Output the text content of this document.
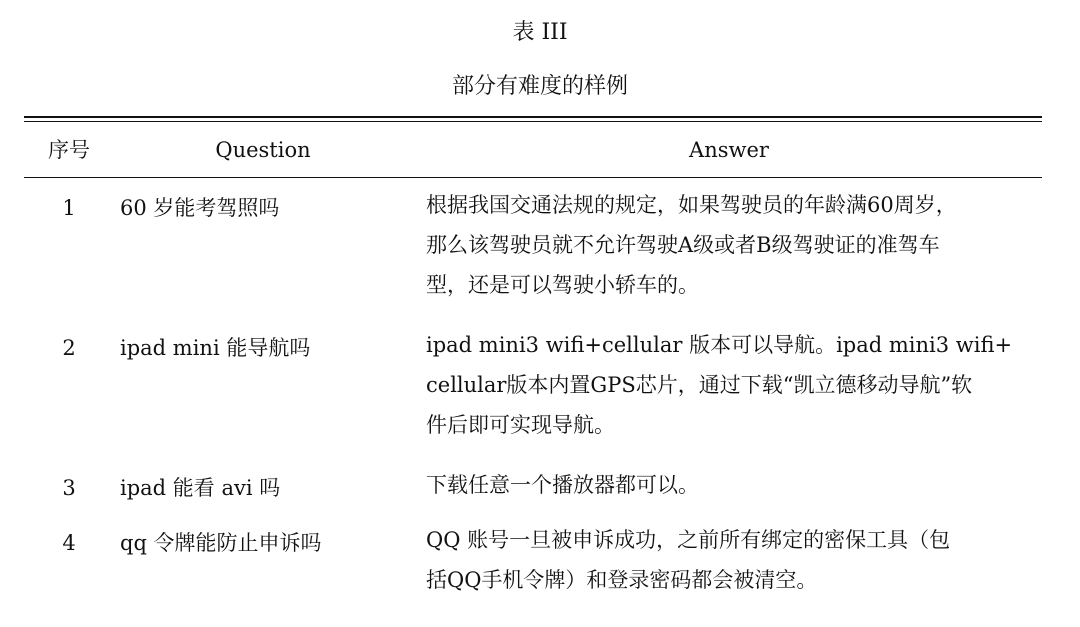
表 III
部分有难度的样例
序号	Question	Answer
1	60 岁能考驾照吗	根据我国交通法规的规定，如果驾驶员的年龄满60周岁，
那么该驾驶员就不允许驾驶A级或者B级驾驶证的准驾车
型，还是可以驾驶小轿车的。
2	ipad mini 能导航吗	ipad mini3 wifi+cellular 版本可以导航。ipad mini3 wifi+
cellular版本内置GPS芯片，通过下载“凯立德移动导航”软
件后即可实现导航。
3	ipad 能看 avi 吗	下载任意一个播放器都可以。
4	qq 令牌能防止申诉吗	QQ 账号一旦被申诉成功，之前所有绑定的密保工具（包
括QQ手机令牌）和登录密码都会被清空。
